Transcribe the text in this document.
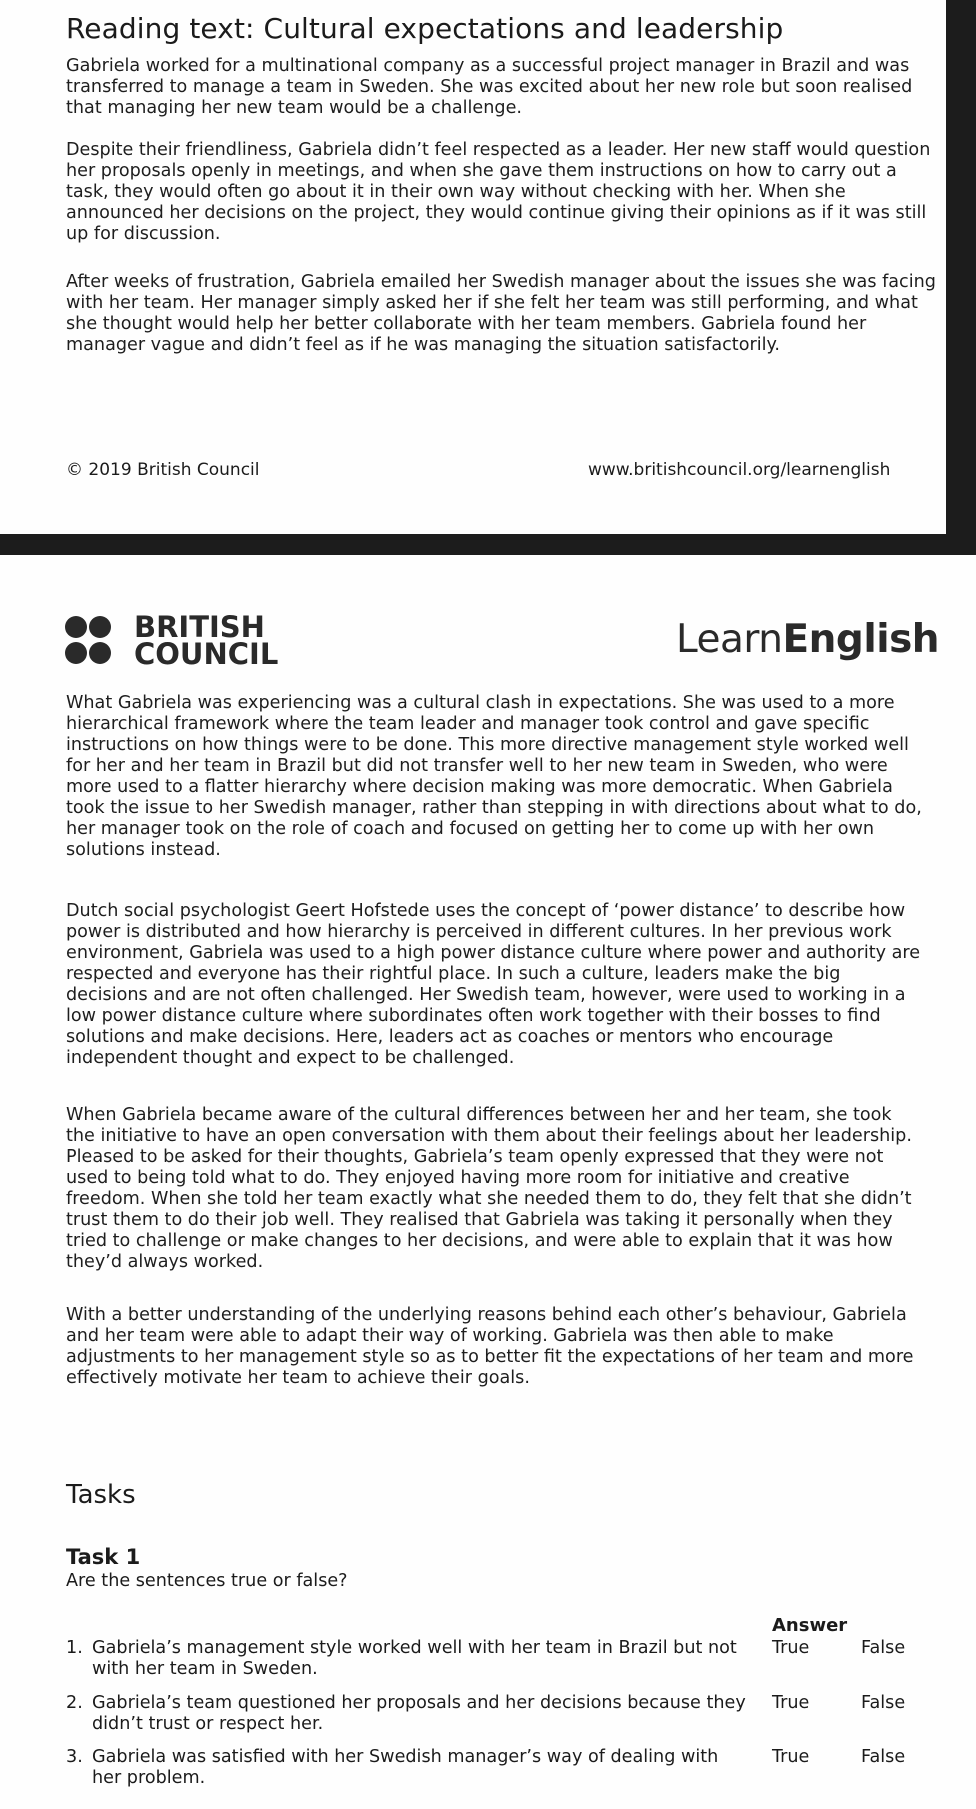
Reading text: Cultural expectations and leadership

Gabriela worked for a multinational company as a successful project manager in Brazil and was transferred to manage a team in Sweden. She was excited about her new role but soon realised that managing her new team would be a challenge.

Despite their friendliness, Gabriela didn’t feel respected as a leader. Her new staff would question her proposals openly in meetings, and when she gave them instructions on how to carry out a task, they would often go about it in their own way without checking with her. When she announced her decisions on the project, they would continue giving their opinions as if it was still up for discussion.

After weeks of frustration, Gabriela emailed her Swedish manager about the issues she was facing with her team. Her manager simply asked her if she felt her team was still performing, and what she thought would help her better collaborate with her team members. Gabriela found her manager vague and didn’t feel as if he was managing the situation satisfactorily.

© 2019 British Council	www.britishcouncil.org/learnenglish
BRITISH
COUNCIL	LearnEnglish

What Gabriela was experiencing was a cultural clash in expectations. She was used to a more hierarchical framework where the team leader and manager took control and gave specific instructions on how things were to be done. This more directive management style worked well for her and her team in Brazil but did not transfer well to her new team in Sweden, who were more used to a flatter hierarchy where decision making was more democratic. When Gabriela took the issue to her Swedish manager, rather than stepping in with directions about what to do, her manager took on the role of coach and focused on getting her to come up with her own solutions instead.

Dutch social psychologist Geert Hofstede uses the concept of ‘power distance’ to describe how power is distributed and how hierarchy is perceived in different cultures. In her previous work environment, Gabriela was used to a high power distance culture where power and authority are respected and everyone has their rightful place. In such a culture, leaders make the big decisions and are not often challenged. Her Swedish team, however, were used to working in a low power distance culture where subordinates often work together with their bosses to find solutions and make decisions. Here, leaders act as coaches or mentors who encourage independent thought and expect to be challenged.

When Gabriela became aware of the cultural differences between her and her team, she took the initiative to have an open conversation with them about their feelings about her leadership. Pleased to be asked for their thoughts, Gabriela’s team openly expressed that they were not used to being told what to do. They enjoyed having more room for initiative and creative freedom. When she told her team exactly what she needed them to do, they felt that she didn’t trust them to do their job well. They realised that Gabriela was taking it personally when they tried to challenge or make changes to her decisions, and were able to explain that it was how they’d always worked.

With a better understanding of the underlying reasons behind each other’s behaviour, Gabriela and her team were able to adapt their way of working. Gabriela was then able to make adjustments to her management style so as to better fit the expectations of her team and more effectively motivate her team to achieve their goals.

Tasks
Task 1
Are the sentences true or false?
Answer
1. Gabriela’s management style worked well with her team in Brazil but not with her team in Sweden.
True	False
2. Gabriela’s team questioned her proposals and her decisions because they didn’t trust or respect her.
True	False
3. Gabriela was satisfied with her Swedish manager’s way of dealing with her problem.
True	False
